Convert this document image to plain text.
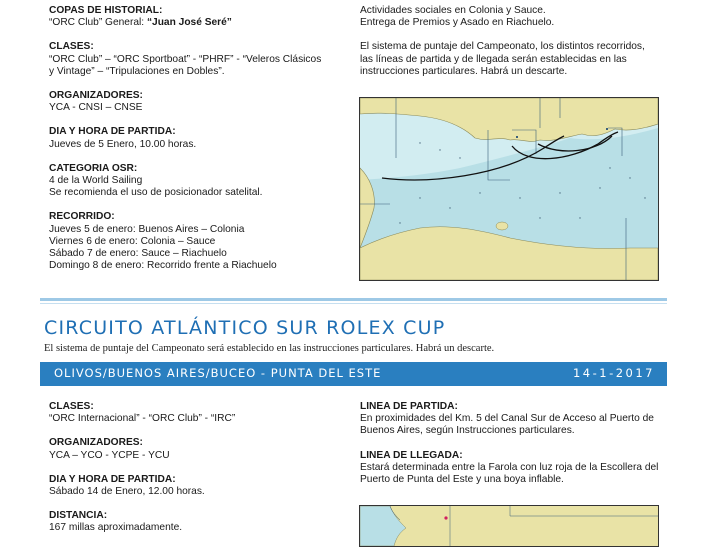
COPAS DE HISTORIAL:

“ORC Club” General: “Juan José Seré”

CLASES:

“ORC Club” – “ORC Sportboat” - “PHRF” - “Veleros Clásicos

y Vintage” – “Tripulaciones en Dobles”.

ORGANIZADORES:

YCA - CNSI – CNSE

DIA Y HORA DE PARTIDA:

Jueves de 5 Enero, 10.00 horas.

CATEGORIA OSR:

4 de la World Sailing

Se recomienda el uso de posicionador satelital.

RECORRIDO:

Jueves 5 de enero: Buenos Aires – Colonia

Viernes 6 de enero: Colonia – Sauce

Sábado 7 de enero: Sauce – Riachuelo

Domingo 8 de enero: Recorrido frente a Riachuelo

Actividades sociales en Colonia y Sauce.

Entrega de Premios y Asado en Riachuelo.

El sistema de puntaje del Campeonato, los distintos recorridos,

las líneas de partida y de llegada serán establecidas en las

instrucciones particulares. Habrá un descarte.

CIRCUITO ATLÁNTICO SUR ROLEX CUP
El sistema de puntaje del Campeonato será establecido en las instrucciones particulares. Habrá un descarte.
OLIVOS/BUENOS AIRES/BUCEO - PUNTA DEL ESTE	14-1-2017

CLASES:

“ORC Internacional” - “ORC Club” - “IRC”

ORGANIZADORES:

YCA – YCO - YCPE - YCU

DIA Y HORA DE PARTIDA:

Sábado 14 de Enero, 12.00 horas.

DISTANCIA:

167 millas aproximadamente.

LINEA DE PARTIDA:

En proximidades del Km. 5 del Canal Sur de Acceso al Puerto de

Buenos Aires, según Instrucciones particulares.

LINEA DE LLEGADA:

Estará determinada entre la Farola con luz roja de la Escollera del

Puerto de Punta del Este y una boya inflable.
